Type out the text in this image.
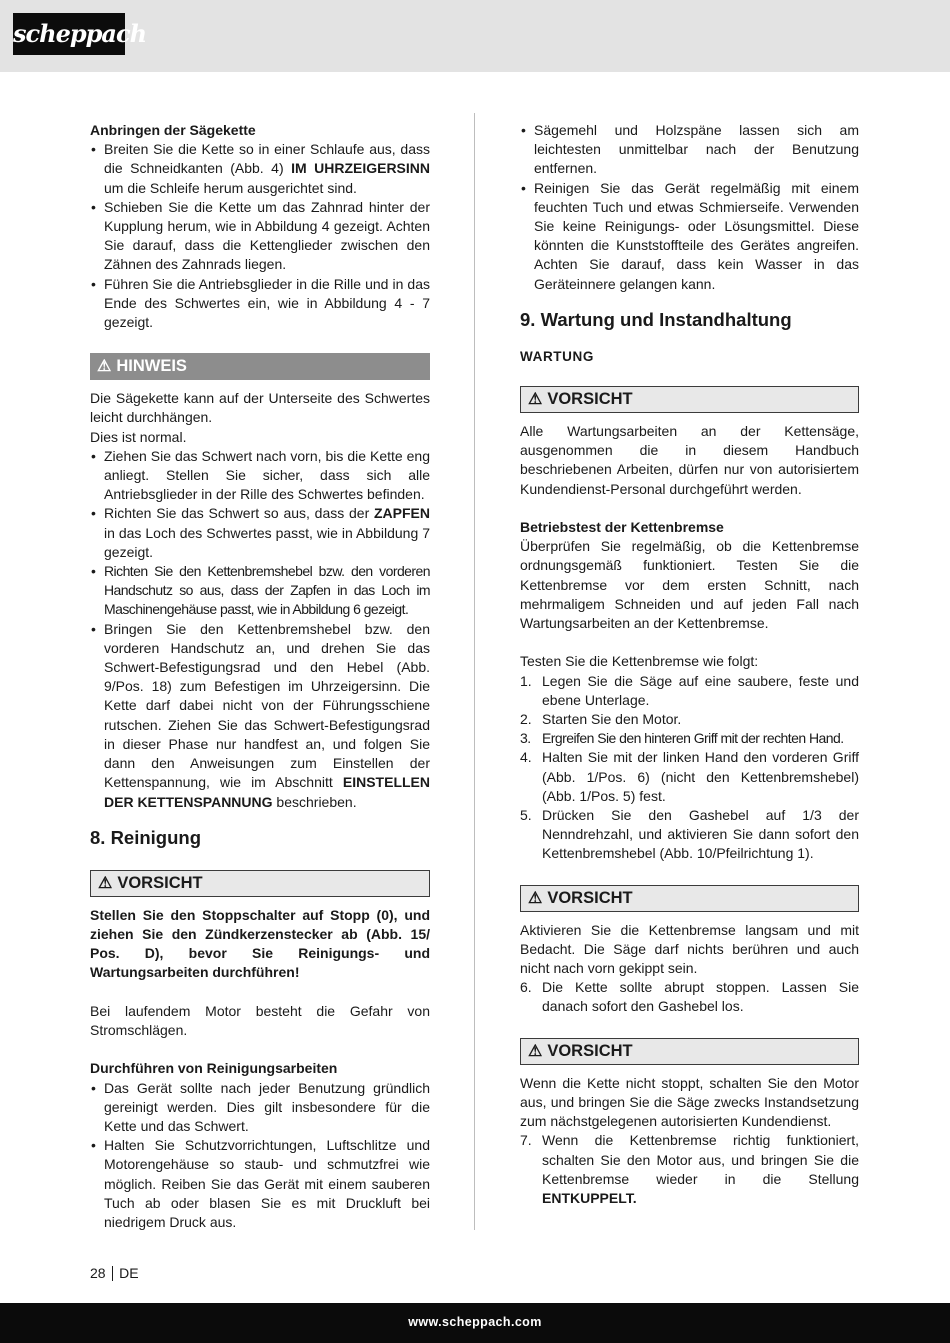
scheppach

Anbringen der Sägekette

• Breiten Sie die Kette so in einer Schlaufe aus, dass die Schneidkanten (Abb. 4) IM UHRZEIGERSINN um die Schleife herum ausgerichtet sind.
• Schieben Sie die Kette um das Zahnrad hinter der Kupplung herum, wie in Abbildung 4 gezeigt. Achten Sie darauf, dass die Kettenglieder zwischen den Zähnen des Zahnrads liegen.
• Führen Sie die Antriebsglieder in die Rille und in das Ende des Schwertes ein, wie in Abbildung 4 - 7 gezeigt.
⚠ HINWEIS

Die Sägekette kann auf der Unterseite des Schwertes leicht durchhängen.

Dies ist normal.

• Ziehen Sie das Schwert nach vorn, bis die Kette eng anliegt. Stellen Sie sicher, dass sich alle Antriebsglieder in der Rille des Schwertes befinden.
• Richten Sie das Schwert so aus, dass der ZAPFEN in das Loch des Schwertes passt, wie in Abbildung 7 gezeigt.
• Richten Sie den Kettenbremshebel bzw. den vorderen Handschutz so aus, dass der Zapfen in das Loch im Maschinengehäuse passt, wie in Abbildung 6 gezeigt.
• Bringen Sie den Kettenbremshebel bzw. den vorderen Handschutz an, und drehen Sie das Schwert-Befestigungsrad und den Hebel (Abb. 9/Pos. 18) zum Befestigen im Uhrzeigersinn. Die Kette darf dabei nicht von der Führungsschiene rutschen. Ziehen Sie das Schwert-Befestigungsrad in dieser Phase nur handfest an, und folgen Sie dann den Anweisungen zum Einstellen der Kettenspannung, wie im Abschnitt EINSTELLEN DER KETTENSPANNUNG beschrieben.

8. Reinigung

⚠ VORSICHT

Stellen Sie den Stoppschalter auf Stopp (0), und ziehen Sie den Zündkerzenstecker ab (Abb. 15/ Pos. D), bevor Sie Reinigungs- und Wartungsarbeiten durchführen!

Bei laufendem Motor besteht die Gefahr von Stromschlägen.

Durchführen von Reinigungsarbeiten

• Das Gerät sollte nach jeder Benutzung gründlich gereinigt werden. Dies gilt insbesondere für die Kette und das Schwert.
• Halten Sie Schutzvorrichtungen, Luftschlitze und Motorengehäuse so staub- und schmutzfrei wie möglich. Reiben Sie das Gerät mit einem sauberen Tuch ab oder blasen Sie es mit Druckluft bei niedrigem Druck aus.
• Sägemehl und Holzspäne lassen sich am leichtesten unmittelbar nach der Benutzung entfernen.
• Reinigen Sie das Gerät regelmäßig mit einem feuchten Tuch und etwas Schmierseife. Verwenden Sie keine Reinigungs- oder Lösungsmittel. Diese könnten die Kunststoffteile des Gerätes angreifen. Achten Sie darauf, dass kein Wasser in das Geräteinnere gelangen kann.

9. Wartung und Instandhaltung

WARTUNG

⚠ VORSICHT

Alle Wartungsarbeiten an der Kettensäge, ausgenommen die in diesem Handbuch beschriebenen Arbeiten, dürfen nur von autorisiertem Kundendienst-Personal durchgeführt werden.

Betriebstest der Kettenbremse

Überprüfen Sie regelmäßig, ob die Kettenbremse ordnungsgemäß funktioniert. Testen Sie die Kettenbremse vor dem ersten Schnitt, nach mehrmaligem Schneiden und auf jeden Fall nach Wartungsarbeiten an der Kettenbremse.

Testen Sie die Kettenbremse wie folgt:

1. Legen Sie die Säge auf eine saubere, feste und ebene Unterlage.
2. Starten Sie den Motor.
3. Ergreifen Sie den hinteren Griff mit der rechten Hand.
4. Halten Sie mit der linken Hand den vorderen Griff (Abb. 1/Pos. 6) (nicht den Kettenbremshebel) (Abb. 1/Pos. 5) fest.
5. Drücken Sie den Gashebel auf 1/3 der Nenndrehzahl, und aktivieren Sie dann sofort den Kettenbremshebel (Abb. 10/Pfeilrichtung 1).
⚠ VORSICHT

Aktivieren Sie die Kettenbremse langsam und mit Bedacht. Die Säge darf nichts berühren und auch nicht nach vorn gekippt sein.

6. Die Kette sollte abrupt stoppen. Lassen Sie danach sofort den Gashebel los.
⚠ VORSICHT

Wenn die Kette nicht stoppt, schalten Sie den Motor aus, und bringen Sie die Säge zwecks Instandsetzung zum nächstgelegenen autorisierten Kundendienst.

7. Wenn die Kettenbremse richtig funktioniert, schalten Sie den Motor aus, und bringen Sie die Kettenbremse wieder in die Stellung ENTKUPPELT.
28 DE
www.scheppach.com
